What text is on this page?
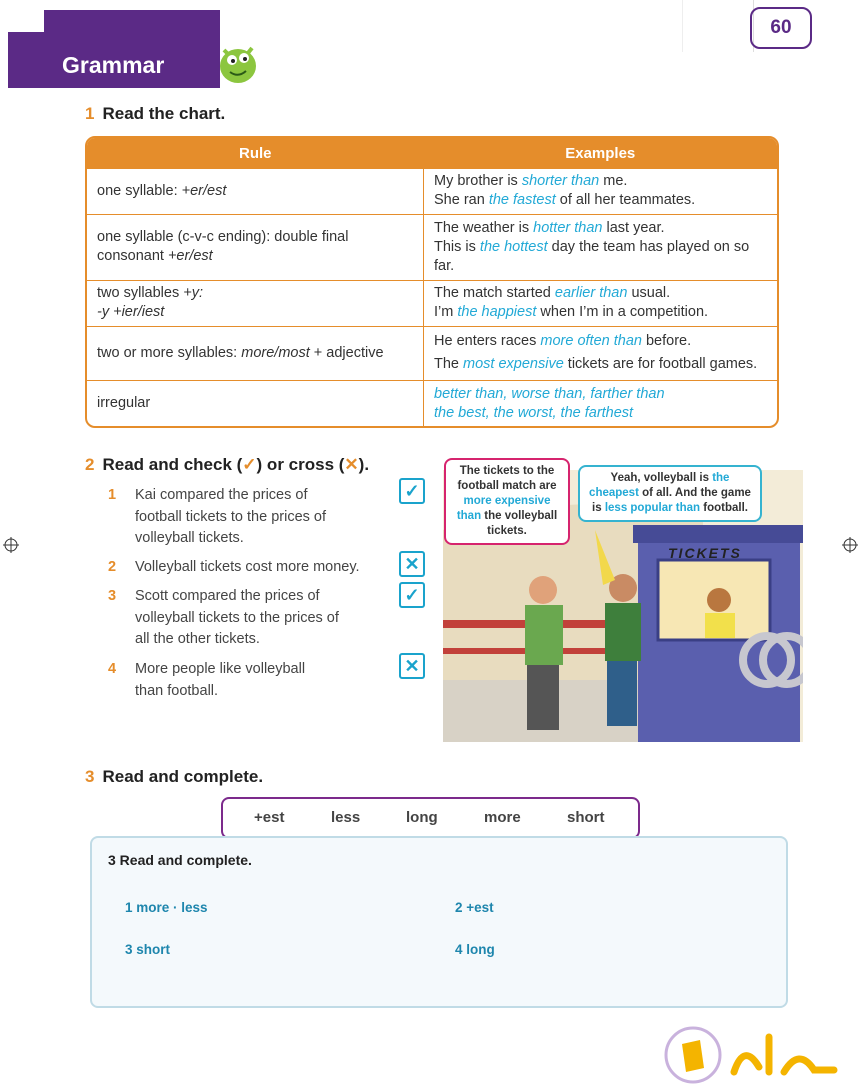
Grammar
60
1 Read the chart.
Rule	Examples
one syllable: +er/est	My brother is shorter than me.
She ran the fastest of all her teammates.
one syllable (c-v-c ending): double final consonant +er/est	The weather is hotter than last year.
This is the hottest day the team has played on so far.
two syllables +y:
-y +ier/iest	The match started earlier than usual.
I’m the happiest when I’m in a competition.
two or more syllables: more/most + adjective	He enters races more often than before.
The most expensive tickets are for football games.
irregular	better than, worse than, farther than
the best, the worst, the farthest
2 Read and check (✓) or cross (✕).
1 Kai compared the prices of
football tickets to the prices of
volleyball tickets.
✓
2 Volleyball tickets cost more money.	✕
3 Scott compared the prices of
volleyball tickets to the prices of
all the other tickets.
✓
4 More people like volleyball
than football.
✕
TICKETS
The tickets to the football match are more expensive than the volleyball tickets.
Yeah, volleyball is the cheapest of all. And the game is less popular than football.
3 Read and complete.
+est	less	long	more	short
3 Read and complete.
1 more · less	2 +est
3 short	4 long
